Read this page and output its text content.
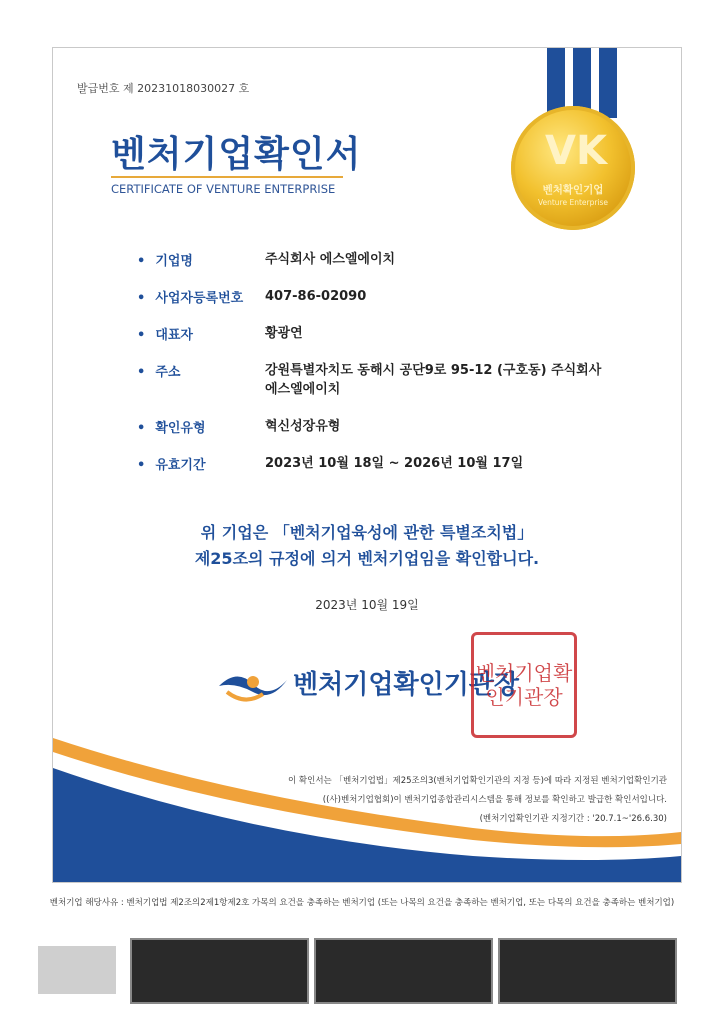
발급번호 제 20231018030027 호
벤처기업확인서
CERTIFICATE OF VENTURE ENTERPRISE
VK
벤처확인기업
Venture Enterprise
• 기업명	주식회사 에스엘에이치
• 사업자등록번호	407-86-02090
• 대표자	황광연
• 주소	강원특별자치도 동해시 공단9로 95-12 (구호동) 주식회사 에스엘에이치
• 확인유형	혁신성장유형
• 유효기간	2023년 10월 18일 ~ 2026년 10월 17일
위 기업은 「벤처기업육성에 관한 특별조치법」
제25조의 규정에 의거 벤처기업임을 확인합니다.
2023년 10월 19일
벤처기업확인기관장
벤처기업확인기관장
이 확인서는 「벤처기업법」제25조의3(벤처기업확인기관의 지정 등)에 따라 지정된 벤처기업확인기관
((사)벤처기업협회)이 벤처기업종합관리시스템을 통해 정보를 확인하고 발급한 확인서입니다.
(벤처기업확인기관 지정기간 : '20.7.1~'26.6.30)
벤처기업 해당사유 : 벤처기업법 제2조의2제1항제2호 가목의 요건을 충족하는 벤처기업 (또는 나목의 요건을 충족하는 벤처기업, 또는 다목의 요건을 충족하는 벤처기업)
